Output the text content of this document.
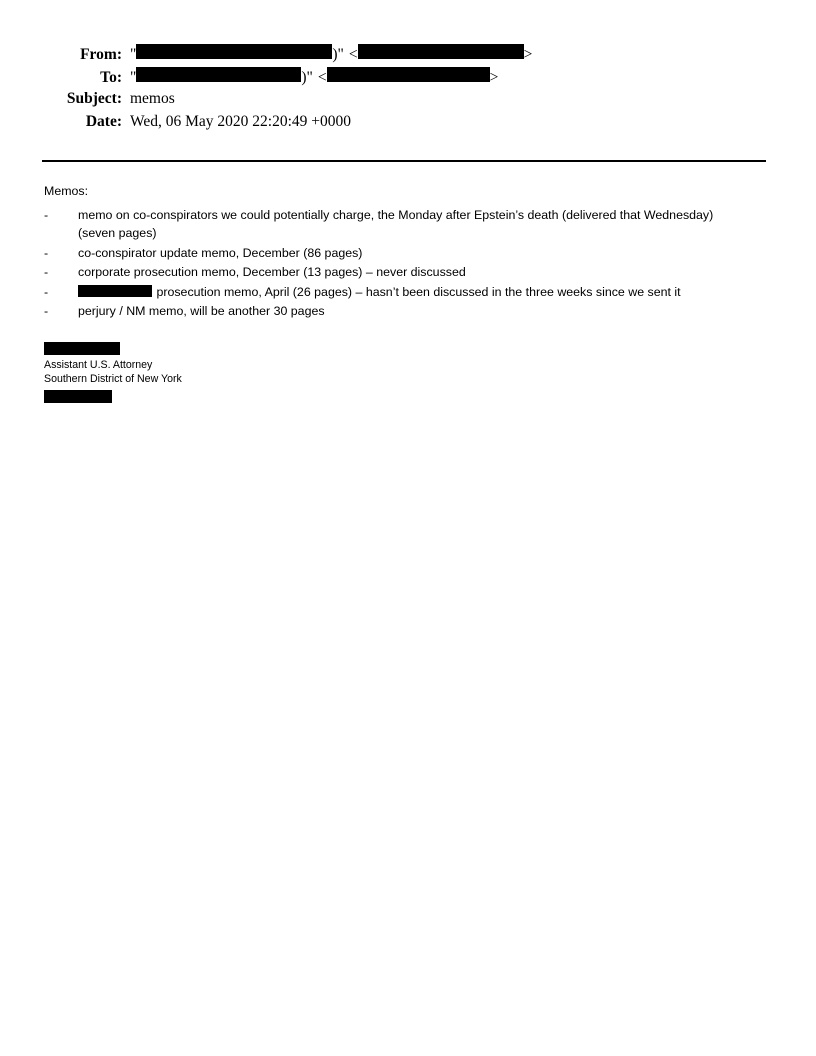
From: "	)" <	>
To: "	)" <	>
Subject: memos
Date: Wed, 06 May 2020 22:20:49 +0000

Memos:

- memo on co-conspirators we could potentially charge, the Monday after Epstein’s death (delivered that Wednesday)
(seven pages)
- co-conspirator update memo, December (86 pages)
- corporate prosecution memo, December (13 pages) – never discussed
-	prosecution memo, April (26 pages) – hasn’t been discussed in the three weeks since we sent it
- perjury / NM memo, will be another 30 pages
Assistant U.S. Attorney
Southern District of New York
